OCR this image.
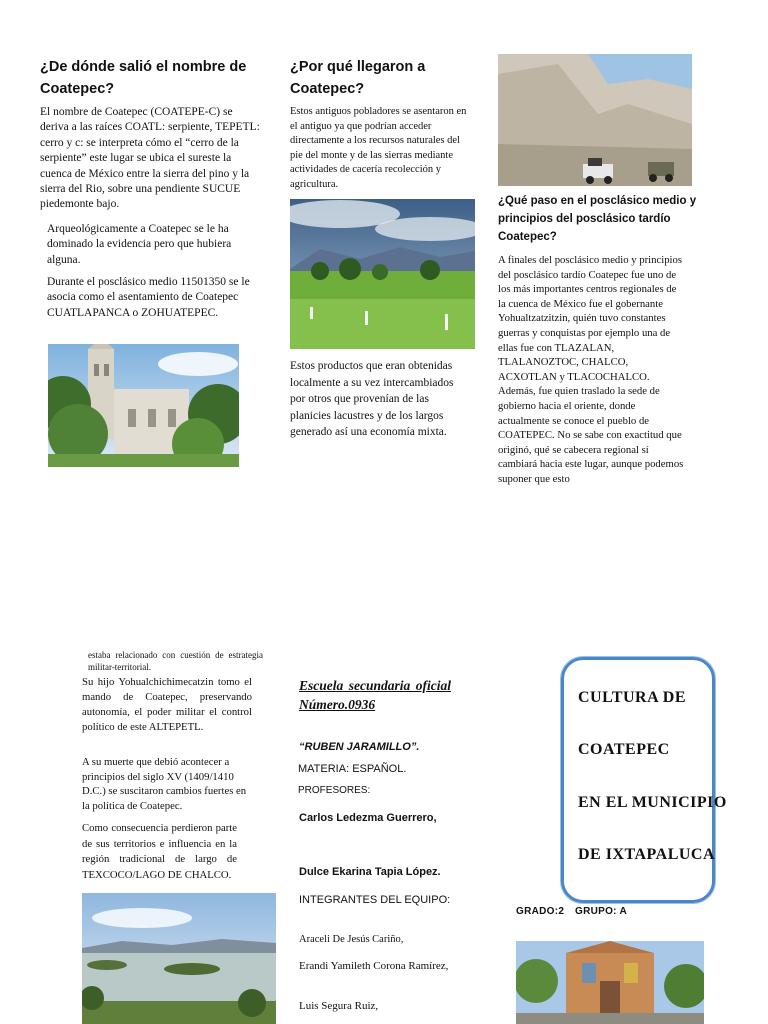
¿De dónde salió el nombre de Coatepec?

El nombre de Coatepec (COATEPE-C) se deriva a las raíces COATL: serpiente, TEPETL: cerro y c: se interpreta cómo el “cerro de la serpiente” este lugar se ubica el sureste la cuenca de México entre la sierra del pino y la sierra del Rio, sobre una pendiente SUCUE piedemonte bajo.

Arqueológicamente a Coatepec se le ha dominado la evidencia pero que hubiera alguna.

Durante el posclásico medio 11501350 se le asocia como el asentamiento de Coatepec CUATLAPANCA o ZOHUATEPEC.

¿Por qué llegaron a Coatepec?

Estos antiguos pobladores se asentaron en el antiguo ya que podrían acceder directamente a los recursos naturales del pie del monte y de las sierras mediante actividades de cacería recolección y agricultura.

Estos productos que eran obtenidas localmente a su vez intercambiados por otros que provenían de las planicies lacustres y de los largos generado así una economía mixta.

¿Qué paso en el posclásico medio y principios del posclásico tardío Coatepec?

A finales del posclásico medio y principios del posclásico tardío Coatepec fue uno de los más importantes centros regionales de la cuenca de México fue el gobernante Yohualtzatzitzin, quién tuvo constantes guerras y conquistas por ejemplo una de ellas fue con TLAZALAN, TLALANOZTOC, CHALCO, ACXOTLAN y TLACOCHALCO. Además, fue quien traslado la sede de gobierno hacia el oriente, donde actualmente se conoce el pueblo de COATEPEC. No se sabe con exactitud que originó, qué se cabecera regional sí cambiará hacia este lugar, aunque podemos suponer que esto

estaba relacionado con cuestión de estrategia militar-territorial.

Su hijo Yohualchichimecatzin tomo el mando de Coatepec, preservando autonomía, el poder militar el control político de este ALTEPETL.

A su muerte que debió acontecer a principios del siglo XV (1409/1410 D.C.) se suscitaron cambios fuertes en la política de Coatepec.

Como consecuencia perdieron parte de sus territorios e influencia en la región tradicional de largo de TEXCOCO/LAGO DE CHALCO.

Escuela secundaria oficial Número.0936
“RUBEN JARAMILLO”.
MATERIA: ESPAÑOL.
PROFESORES:
Carlos Ledezma Guerrero,
Dulce Ekarina Tapia López.
INTEGRANTES DEL EQUIPO:
Araceli De Jesús Cariño,
Erandi Yamileth Corona Ramírez,
Luis Segura Ruiz,
CULTURA DE
COATEPEC
EN EL MUNICIPIO
DE IXTAPALUCA
GRADO:2 GRUPO: A
